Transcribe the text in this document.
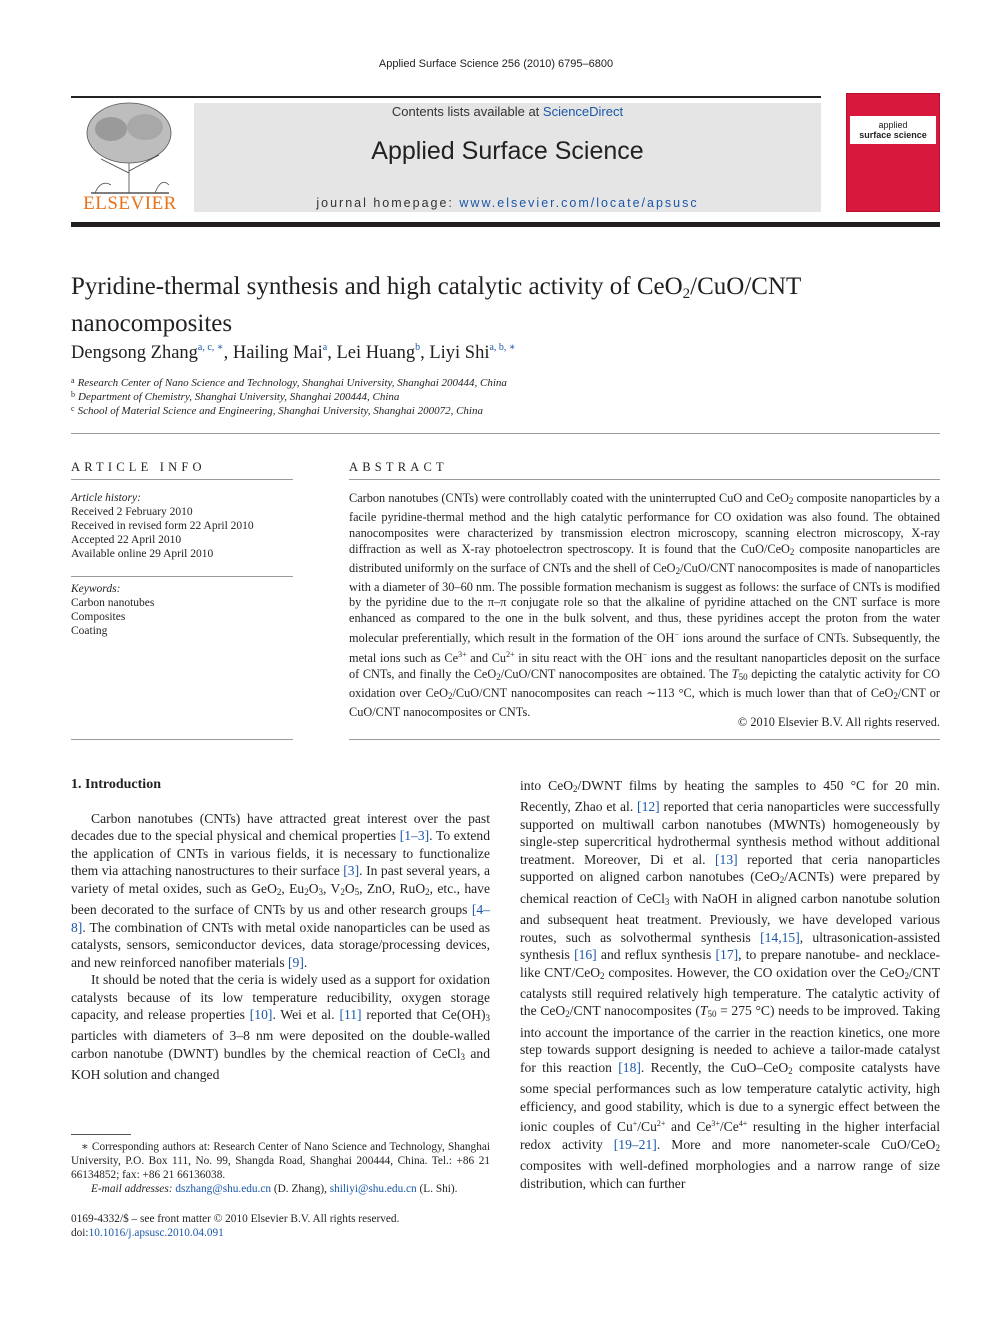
Applied Surface Science 256 (2010) 6795–6800
ELSEVIER
Contents lists available at ScienceDirect
Applied Surface Science
journal homepage: www.elsevier.com/locate/apsusc
applied
surface science
Pyridine-thermal synthesis and high catalytic activity of CeO$_2$/CuO/CNT
nanocomposites
Dengsong Zhang$^{a, c, ∗}$, Hailing Mai$^a$, Lei Huang$^b$, Liyi Shi$^{a, b, ∗}$
$^a$ Research Center of Nano Science and Technology, Shanghai University, Shanghai 200444, China
$^b$ Department of Chemistry, Shanghai University, Shanghai 200444, China
$^c$ School of Material Science and Engineering, Shanghai University, Shanghai 200072, China
ARTICLE INFO
Article history:
Received 2 February 2010
Received in revised form 22 April 2010
Accepted 22 April 2010
Available online 29 April 2010
Keywords:
Carbon nanotubes
Composites
Coating
ABSTRACT
Carbon nanotubes (CNTs) were controllably coated with the uninterrupted CuO and CeO$_2$ composite nanoparticles by a facile pyridine-thermal method and the high catalytic performance for CO oxidation was also found. The obtained nanocomposites were characterized by transmission electron microscopy, scanning electron microscopy, X-ray diffraction as well as X-ray photoelectron spectroscopy. It is found that the CuO/CeO$_2$ composite nanoparticles are distributed uniformly on the surface of CNTs and the shell of CeO$_2$/CuO/CNT nanocomposites is made of nanoparticles with a diameter of 30–60 nm. The possible formation mechanism is suggest as follows: the surface of CNTs is modified by the pyridine due to the π–π conjugate role so that the alkaline of pyridine attached on the CNT surface is more enhanced as compared to the one in the bulk solvent, and thus, these pyridines accept the proton from the water molecular preferentially, which result in the formation of the OH− ions around the surface of CNTs. Subsequently, the metal ions such as $Ce^{3+}$ and $Cu^{2+}$ in situ react with the OH− ions and the resultant nanoparticles deposit on the surface of CNTs, and finally the CeO$_2$/CuO/CNT nanocomposites are obtained. The $T_{50}$ depicting the catalytic activity for CO oxidation over CeO$_2$/CuO/CNT nanocomposites can reach ∼113 °C, which is much lower than that of CeO$_2$/CNT or CuO/CNT nanocomposites or CNTs.
© 2010 Elsevier B.V. All rights reserved.
1. Introduction

Carbon nanotubes (CNTs) have attracted great interest over the past decades due to the special physical and chemical properties [1–3]. To extend the application of CNTs in various fields, it is necessary to functionalize them via attaching nanostructures to their surface [3]. In past several years, a variety of metal oxides, such as GeO$_2$, $Eu_2O_3$, $V_2O_5$, ZnO, RuO$_2$, etc., have been decorated to the surface of CNTs by us and other research groups [4–8]. The combination of CNTs with metal oxide nanoparticles can be used as catalysts, sensors, semiconductor devices, data storage/processing devices, and new reinforced nanofiber materials [9].

It should be noted that the ceria is widely used as a support for oxidation catalysts because of its low temperature reducibility, oxygen storage capacity, and release properties [10]. Wei et al. [11] reported that $Ce(OH)_3$ particles with diameters of 3–8 nm were deposited on the double-walled carbon nanotube (DWNT) bundles by the chemical reaction of CeCl$_3$ and KOH solution and changed

into CeO$_2$/DWNT films by heating the samples to 450 °C for 20 min. Recently, Zhao et al. [12] reported that ceria nanoparticles were successfully supported on multiwall carbon nanotubes (MWNTs) homogeneously by single-step supercritical hydrothermal synthesis method without additional treatment. Moreover, Di et al. [13] reported that ceria nanoparticles supported on aligned carbon nanotubes (CeO$_2$/ACNTs) were prepared by chemical reaction of CeCl$_3$ with NaOH in aligned carbon nanotube solution and subsequent heat treatment. Previously, we have developed various routes, such as solvothermal synthesis [14,15], ultrasonication-assisted synthesis [16] and reflux synthesis [17], to prepare nanotube- and necklace-like CNT/CeO$_2$ composites. However, the CO oxidation over the CeO$_2$/CNT catalysts still required relatively high temperature. The catalytic activity of the CeO$_2$/CNT nanocomposites ($T_{50} = 275$ °C) needs to be improved. Taking into account the importance of the carrier in the reaction kinetics, one more step towards support designing is needed to achieve a tailor-made catalyst for this reaction [18]. Recently, the CuO–CeO$_2$ composite catalysts have some special performances such as low temperature catalytic activity, high efficiency, and good stability, which is due to a synergic effect between the ionic couples of $Cu^+/Cu^{2+}$ and $Ce^{3+}/Ce^{4+}$ resulting in the higher interfacial redox activity [19–21]. More and more nanometer-scale CuO/CeO$_2$ composites with well-defined morphologies and a narrow range of size distribution, which can further

∗ Corresponding authors at: Research Center of Nano Science and Technology, Shanghai University, P.O. Box 111, No. 99, Shangda Road, Shanghai 200444, China. Tel.: +86 21 66134852; fax: +86 21 66136038.
E-mail addresses: dszhang@shu.edu.cn (D. Zhang), shiliyi@shu.edu.cn (L. Shi).
0169-4332/$ – see front matter © 2010 Elsevier B.V. All rights reserved.
doi:10.1016/j.apsusc.2010.04.091
